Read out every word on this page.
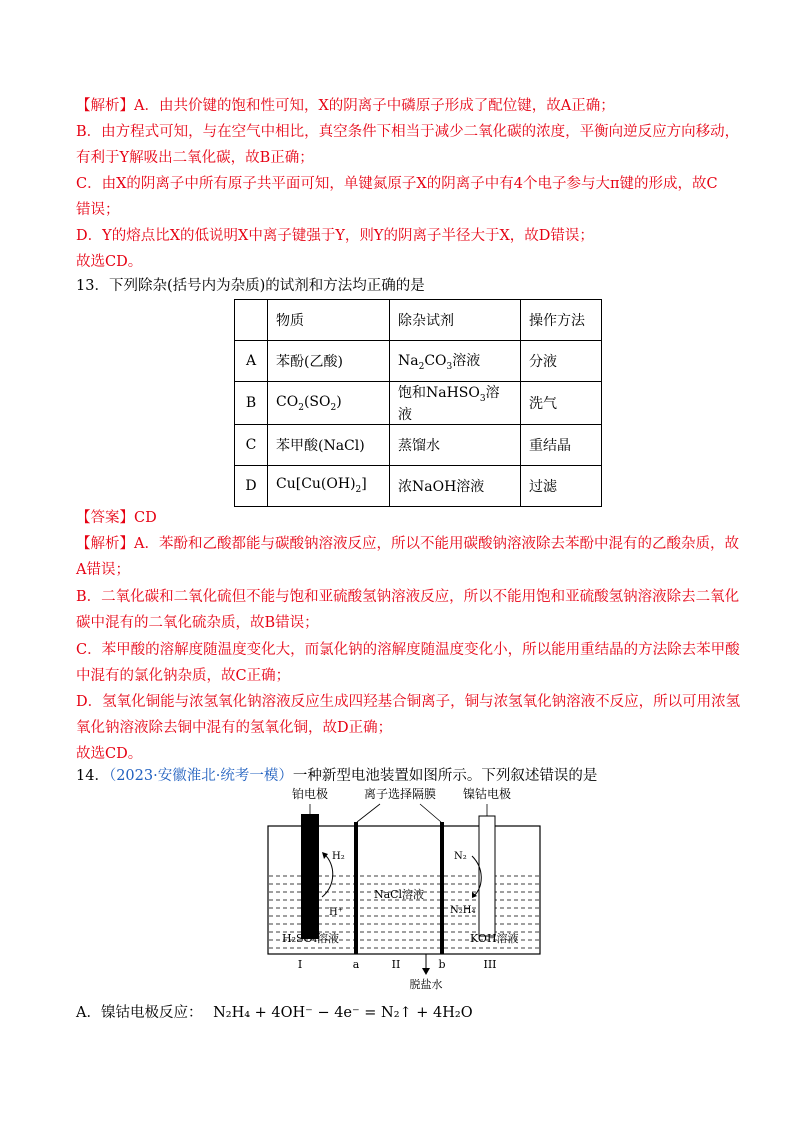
【解析】A．由共价键的饱和性可知，X的阴离子中磷原子形成了配位键，故A正确；
B．由方程式可知，与在空气中相比，真空条件下相当于减少二氧化碳的浓度，平衡向逆反应方向移动，
有利于Y解吸出二氧化碳，故B正确；
C．由X的阴离子中所有原子共平面可知，单键氮原子X的阴离子中有4个电子参与大π键的形成，故C
错误；
D．Y的熔点比X的低说明X中离子键强于Y，则Y的阴离子半径大于X，故D错误；
故选CD。
13．下列除杂(括号内为杂质)的试剂和方法均正确的是
	物质	除杂试剂	操作方法
A	苯酚(乙酸)	$Na_2CO_3$溶液	分液
B	$CO_2(SO_2)$	饱和NaHSO$_3$溶液	洗气
C	苯甲酸(NaCl)	蒸馏水	重结晶
D	$Cu[Cu(OH)_2]$	浓NaOH溶液	过滤
【答案】CD
【解析】A．苯酚和乙酸都能与碳酸钠溶液反应，所以不能用碳酸钠溶液除去苯酚中混有的乙酸杂质，故
A错误；
B．二氧化碳和二氧化硫但不能与饱和亚硫酸氢钠溶液反应，所以不能用饱和亚硫酸氢钠溶液除去二氧化
碳中混有的二氧化硫杂质，故B错误；
C．苯甲酸的溶解度随温度变化大，而氯化钠的溶解度随温度变化小，所以能用重结晶的方法除去苯甲酸
中混有的氯化钠杂质，故C正确；
D．氢氧化铜能与浓氢氧化钠溶液反应生成四羟基合铜离子，铜与浓氢氧化钠溶液不反应，所以可用浓氢
氧化钠溶液除去铜中混有的氢氧化铜，故D正确；
故选CD。
14．（2023·安徽淮北·统考一模）一种新型电池装置如图所示。下列叙述错误的是
铂电极	离子选择隔膜 镍钴电极
H₂
H⁺
NaCl溶液
N₂
N₂H₄
H₂SO₄溶液	KOH溶液
I	a	II	b	III
脱盐水
A．镍钴电极反应： N₂H₄ + 4OH⁻ − 4e⁻ = N₂↑ + 4H₂O
